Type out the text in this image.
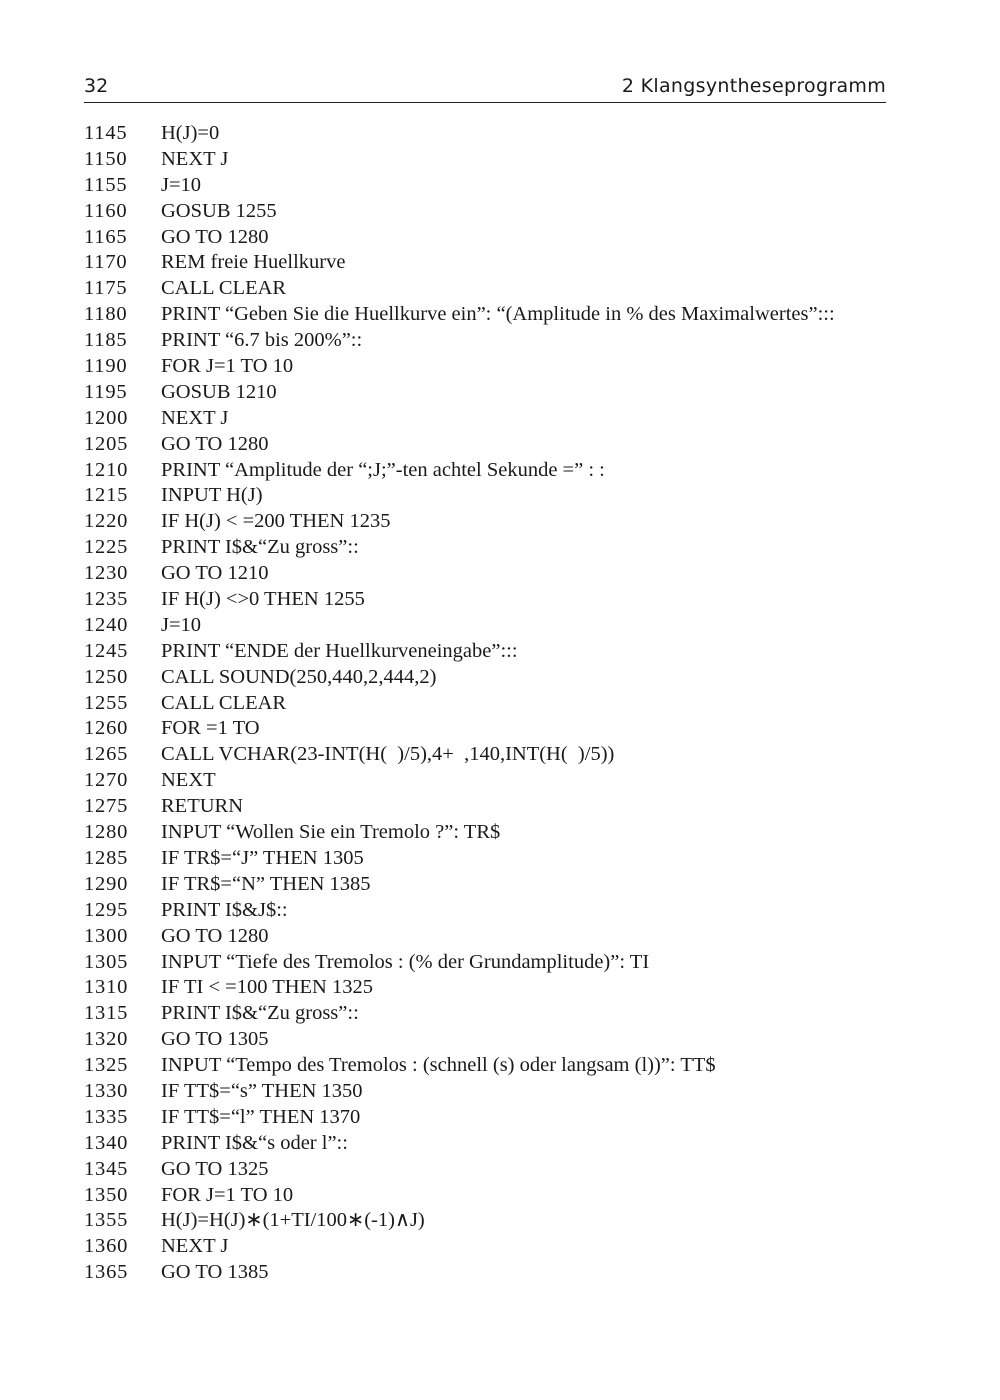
32	2 Klangsyntheseprogramm
1145	H(J)=0
1150	NEXT J
1155	J=10
1160	GOSUB 1255
1165	GO TO 1280
1170	REM freie Huellkurve
1175	CALL CLEAR
1180	PRINT “Geben Sie die Huellkurve ein”: “(Amplitude in % des Maximalwertes”:::
1185	PRINT “6.7 bis 200%”::
1190	FOR J=1 TO 10
1195	GOSUB 1210
1200	NEXT J
1205	GO TO 1280
1210	PRINT “Amplitude der “;J;”-ten achtel Sekunde =” : :
1215	INPUT H(J)
1220	IF H(J) < =200 THEN 1235
1225	PRINT I$&“Zu gross”::
1230	GO TO 1210
1235	IF H(J) <>0 THEN 1255
1240	J=10
1245	PRINT “ENDE der Huellkurveneingabe”:::
1250	CALL SOUND(250,440,2,444,2)
1255	CALL CLEAR
1260	FOR =1 TO
1265	CALL VCHAR(23-INT(H(  )/5),4+  ,140,INT(H(  )/5))
1270	NEXT
1275	RETURN
1280	INPUT “Wollen Sie ein Tremolo ?”: TR$
1285	IF TR$=“J” THEN 1305
1290	IF TR$=“N” THEN 1385
1295	PRINT I$&J$::
1300	GO TO 1280
1305	INPUT “Tiefe des Tremolos : (% der Grundamplitude)”: TI
1310	IF TI < =100 THEN 1325
1315	PRINT I$&“Zu gross”::
1320	GO TO 1305
1325	INPUT “Tempo des Tremolos : (schnell (s) oder langsam (l))”: TT$
1330	IF TT$=“s” THEN 1350
1335	IF TT$=“l” THEN 1370
1340	PRINT I$&“s oder l”::
1345	GO TO 1325
1350	FOR J=1 TO 10
1355	H(J)=H(J)∗(1+TI/100∗(-1)∧J)
1360	NEXT J
1365	GO TO 1385
